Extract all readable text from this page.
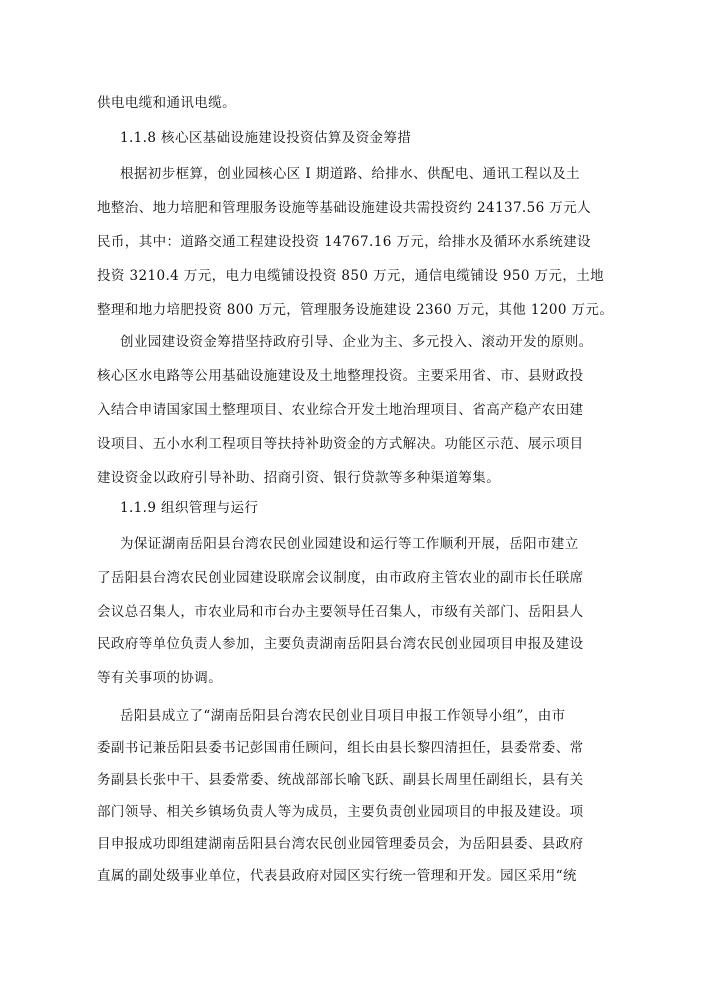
供电电缆和通讯电缆。

1.1.8 核心区基础设施建设投资估算及资金筹措

根据初步框算，创业园核心区 I 期道路、给排水、供配电、通讯工程以及土

地整治、地力培肥和管理服务设施等基础设施建设共需投资约 24137.56 万元人

民币，其中：道路交通工程建设投资 14767.16 万元，给排水及循环水系统建设

投资 3210.4 万元，电力电缆铺设投资 850 万元，通信电缆铺设 950 万元，土地

整理和地力培肥投资 800 万元，管理服务设施建设 2360 万元，其他 1200 万元。

创业园建设资金筹措坚持政府引导、企业为主、多元投入、滚动开发的原则。

核心区水电路等公用基础设施建设及土地整理投资。主要采用省、市、县财政投

入结合申请国家国土整理项目、农业综合开发土地治理项目、省高产稳产农田建

设项目、五小水利工程项目等扶持补助资金的方式解决。功能区示范、展示项目

建设资金以政府引导补助、招商引资、银行贷款等多种渠道筹集。

1.1.9 组织管理与运行

为保证湖南岳阳县台湾农民创业园建设和运行等工作顺利开展，岳阳市建立

了岳阳县台湾农民创业园建设联席会议制度，由市政府主管农业的副市长任联席

会议总召集人，市农业局和市台办主要领导任召集人，市级有关部门、岳阳县人

民政府等单位负责人参加，主要负责湖南岳阳县台湾农民创业园项目申报及建设

等有关事项的协调。

岳阳县成立了“湖南岳阳县台湾农民创业目项目申报工作领导小组”，由市

委副书记兼岳阳县委书记彭国甫任顾问，组长由县长黎四清担任，县委常委、常

务副县长张中干、县委常委、统战部部长喻飞跃、副县长周里任副组长，县有关

部门领导、相关乡镇场负责人等为成员，主要负责创业园项目的申报及建设。项

目申报成功即组建湖南岳阳县台湾农民创业园管理委员会，为岳阳县委、县政府

直属的副处级事业单位，代表县政府对园区实行统一管理和开发。园区采用“统
